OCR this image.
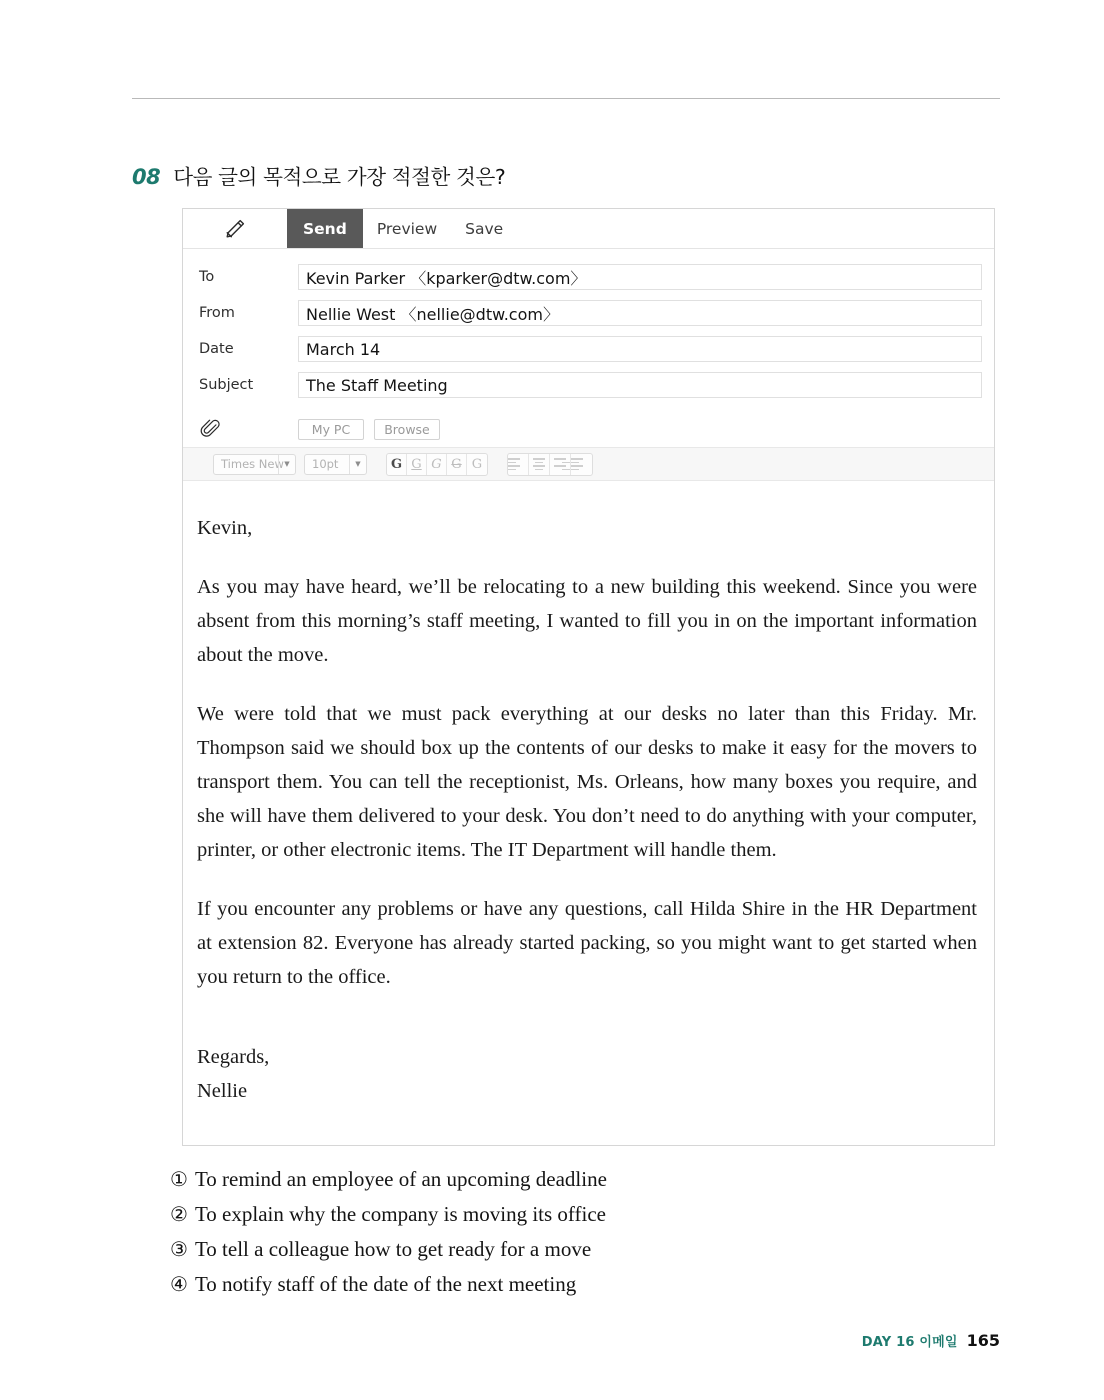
08 다음 글의 목적으로 가장 적절한 것은?
Send	Preview	Save
To	Kevin Parker 〈kparker@dtw.com〉
From	Nellie West 〈nellie@dtw.com〉
Date	March 14
Subject	The Staff Meeting
My PC	Browse
Times New ▼	10pt	▼	G G G G G

Kevin,

As you may have heard, we’ll be relocating to a new building this weekend. Since you were absent from this morning’s staff meeting, I wanted to fill you in on the important information about the move.

We were told that we must pack everything at our desks no later than this Friday. Mr. Thompson said we should box up the contents of our desks to make it easy for the movers to transport them. You can tell the receptionist, Ms. Orleans, how many boxes you require, and she will have them delivered to your desk. You don’t need to do anything with your computer, printer, or other electronic items. The IT Department will handle them.

If you encounter any problems or have any questions, call Hilda Shire in the HR Department at extension 82. Everyone has already started packing, so you might want to get started when you return to the office.

Regards,
Nellie
① To remind an employee of an upcoming deadline
② To explain why the company is moving its office
③ To tell a colleague how to get ready for a move
④ To notify staff of the date of the next meeting
DAY 16 이메일 165
